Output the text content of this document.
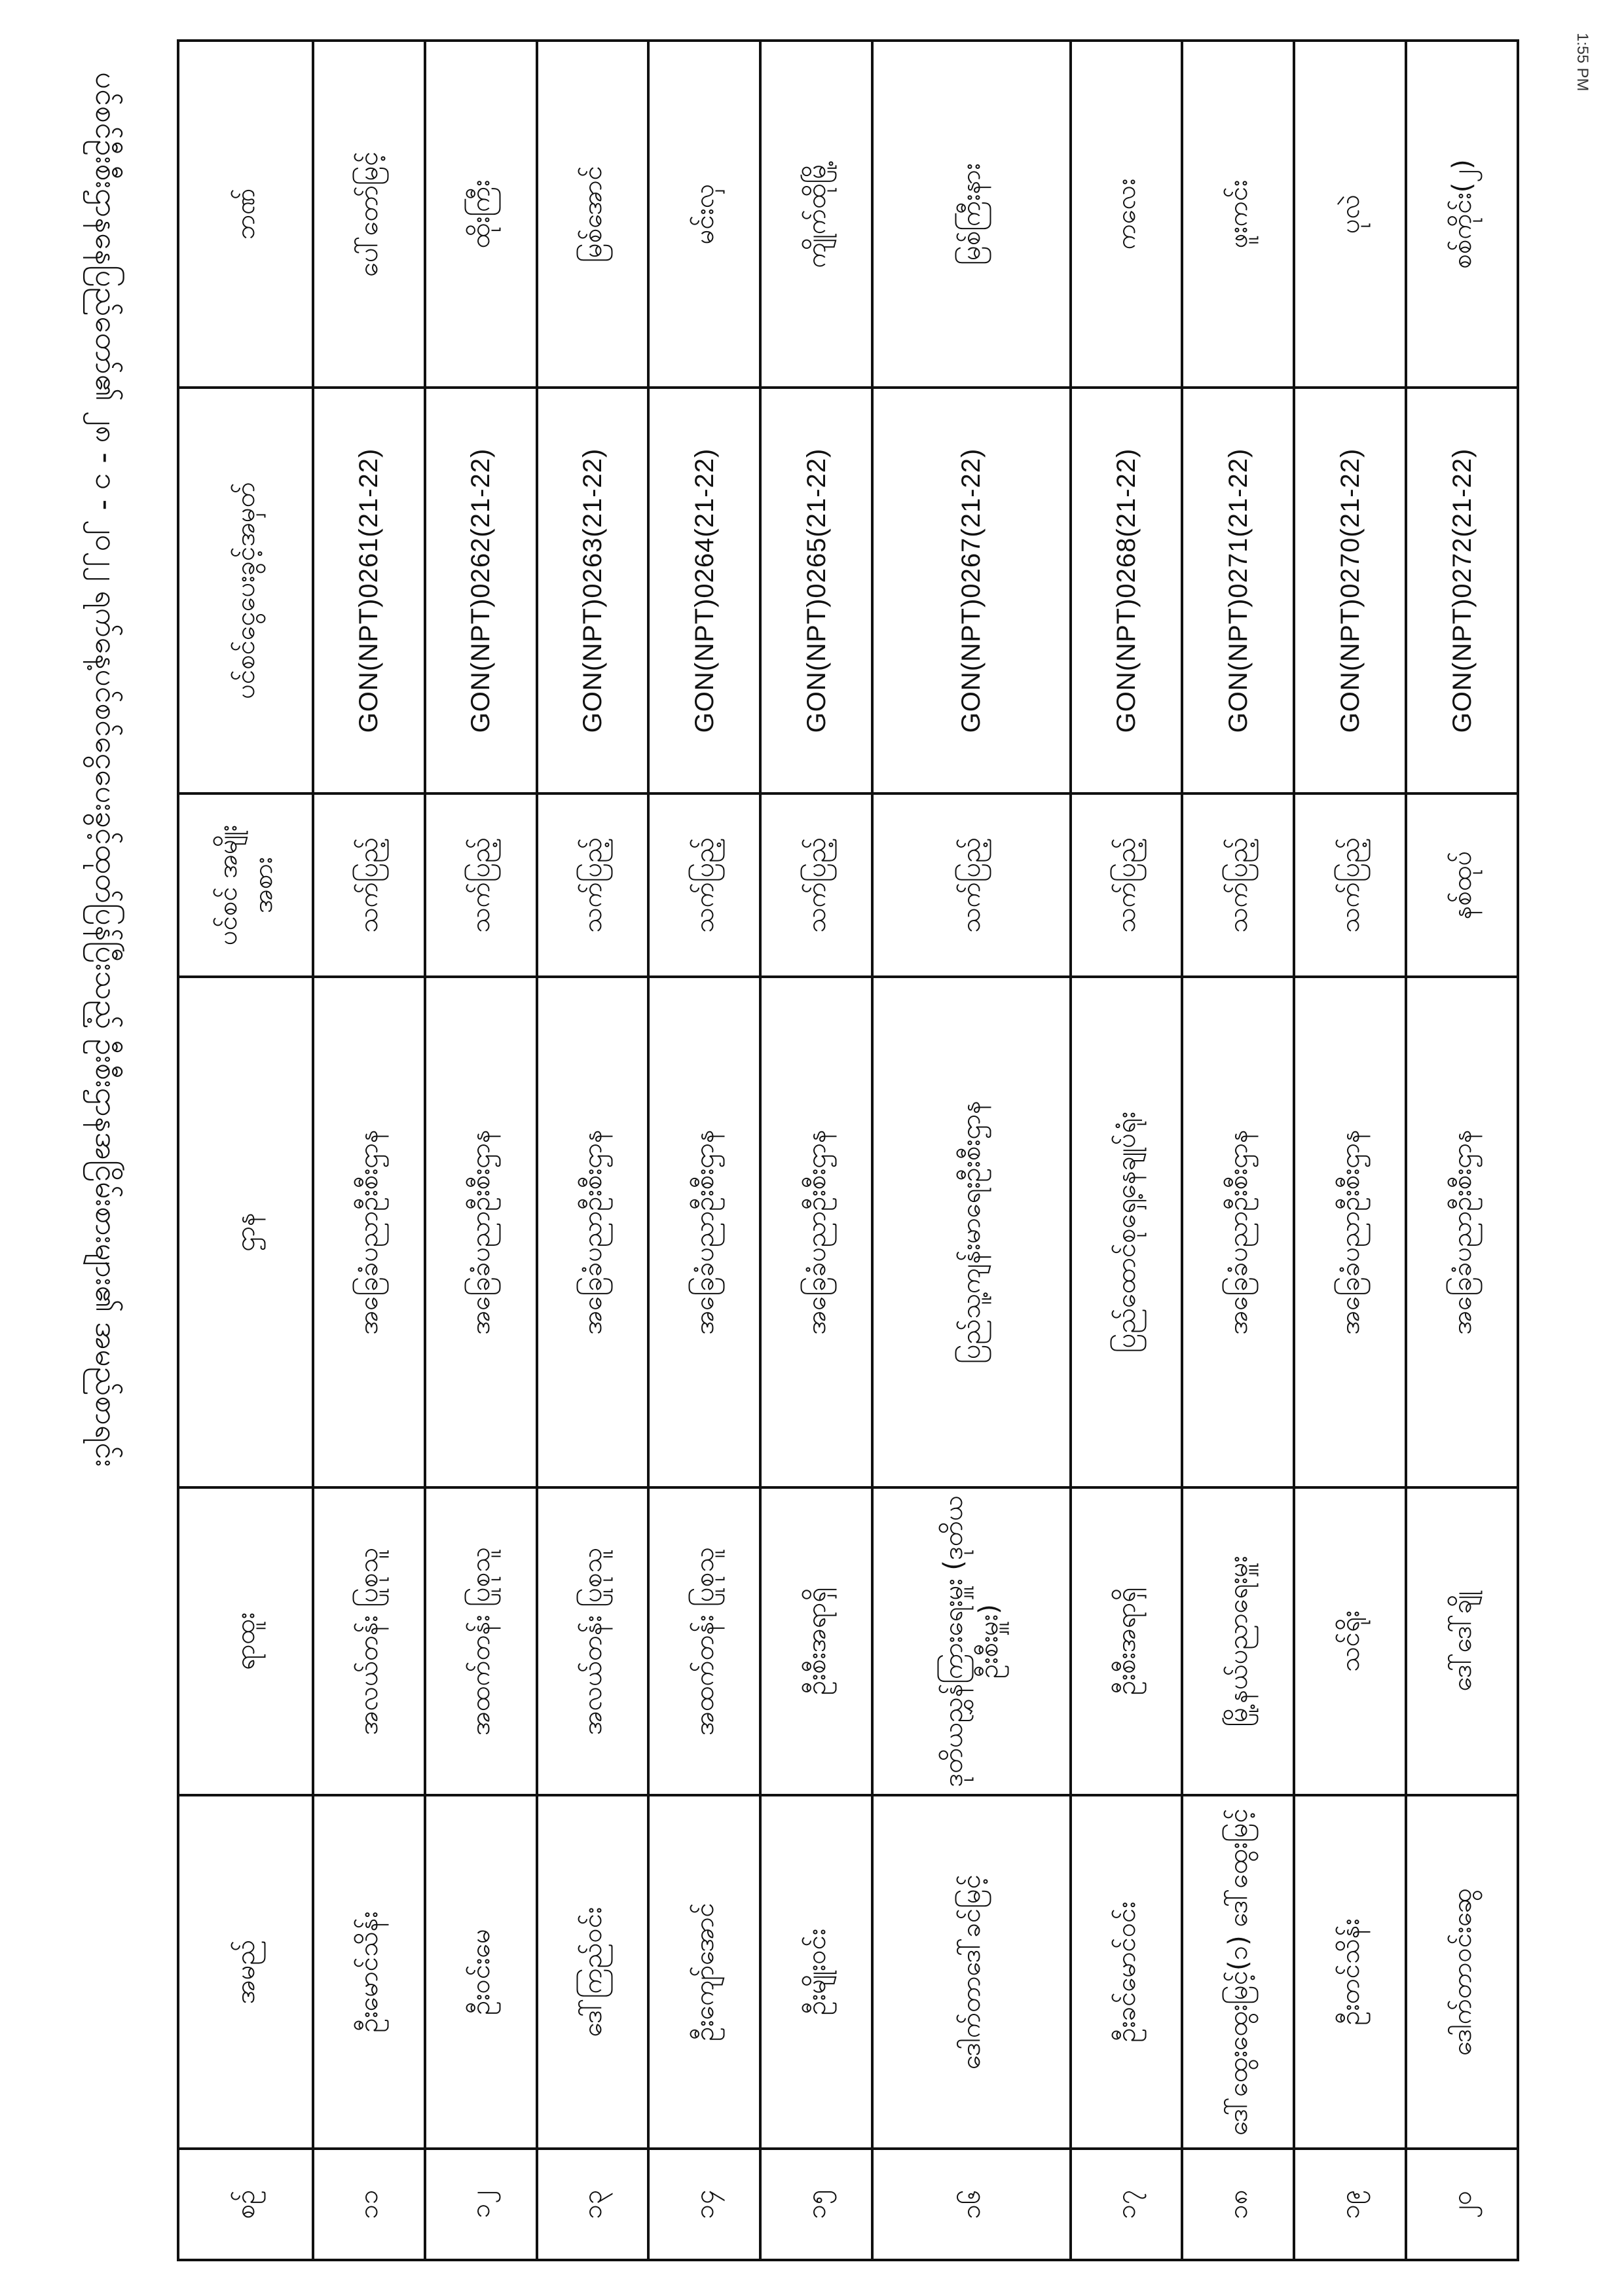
ပင်စင်ဦးစီးဌာနနေပြည်တော်၏ ၂၈ - ၁ - ၂၀၂၂ ရက်နေ့ပင်စင်ငွေပေးခွင့်ထုတ်ပြန်ပြီးသည့် ဦးစီးဌာနအငြိမ်းစားများ၏ အမည်စာရင်း
စဉ်	အမည်	ရာထူး	ဌာန	ပင်စင် အမျိုးအစား	ပင်စင်ငွေပေးခွင့်အမှတ်	ဘဏ်

၁၁	ဦးမောင်သိန်း	အလယ်တန်း ပြုစုသူ	အခြေခံပညာဦးစီးဌာန	သက်ပြည့်	GON(NPT)0261(21-22)	ပေါ်တော်မြင့်

၁၂	ဦးဝင်းမေ	အထက်တန်း ပြုစုသူ	အခြေခံပညာဦးစီးဌာန	သက်ပြည့်	GON(NPT)0262(21-22)	ထိုးကြီး

၁၃	ဒေါ်ကြည်ဝင်း	အလယ်တန်း ပြုစုသူ	အခြေခံပညာဦးစီးဌာန	သက်ပြည့်	GON(NPT)0263(21-22)	မြစ်အောင်

၁၄	ဦးကျော်အောင်	အထက်တန်း ပြုစုသူ	အခြေခံပညာဦးစီးဌာန	သက်ပြည့်	GON(NPT)0264(21-22)	မင်းလှ

၁၅	ဦးမျိုးဝင်း	ဦးစီးအရာရှိ	အခြေခံပညာဦးစီးဌာန	သက်ပြည့်	GON(NPT)0265(21-22)	ကျိုက်ထိုမြို့

၁၆	ဒေါက်တာဒေါ်ခင်မြင့်	ဒုတိယညွှန်ကြားရေးမှူး (ဒုတိယဦးစီးမှူး)	ပြည်သူ့ကျန်းမာရေးဦးစီးဌာန	သက်ပြည့်	GON(NPT)0267(21-22)	မြစ်ကြီးနား

၁၇	ဦးခင်မောင်ဝင်း	ဦးစီးအရာရှိ	ပြည်ထောင်စုရှေ့နေချုပ်ရုံး	သက်ပြည့်	GON(NPT)0268(21-22)	ကလေး

၁၈	ဒေါ်ထွေးထွေးမြင့်(၁) ဒေါ်ထွေးမြင့်	မြို့နယ်ပညာရေးမှူး	အခြေခံပညာဦးစီးဌာန	သက်ပြည့်	GON(NPT)0271(21-22)	ဖူးကင်း

၁၉	ဦးတင်သိန်း	သင်ရိုး	အခြေခံပညာဦးစီးဌာန	သက်ပြည့်	GON(NPT)0270(21-22)	ပုလဲ

၂၀	ဒေါက်တာဝင်းဆွေ	ဒေါ်ဒေါ်ချို	အခြေခံပညာဦးစီးဌာန	နစ်ထုပ်	GON(NPT)0272(21-22)	စစ်ကိုင်း(၂)
1:55 PM
